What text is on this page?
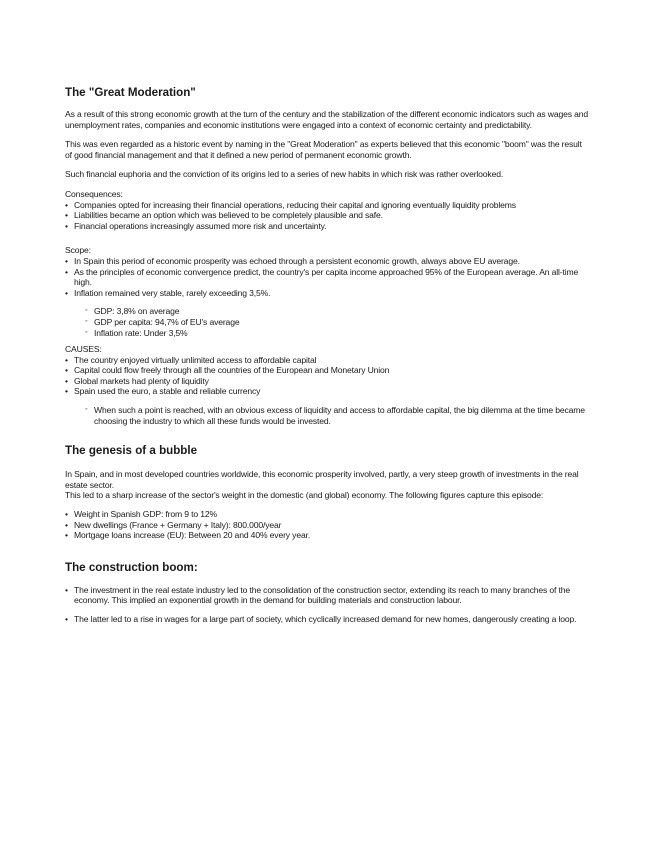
The "Great Moderation"

As a result of this strong economic growth at the turn of the century and the stabilization of the different economic indicators such as wages and unemployment rates, companies and economic institutions were engaged into a context of economic certainty and predictability.

This was even regarded as a historic event by naming in the "Great Moderation" as experts believed that this economic "boom" was the result of good financial management and that it defined a new period of permanent economic growth.

Such financial euphoria and the conviction of its origins led to a series of new habits in which risk was rather overlooked.

Consequences:
• Companies opted for increasing their financial operations, reducing their capital and ignoring eventually liquidity problems
• Liabilities became an option which was believed to be completely plausible and safe.
• Financial operations increasingly assumed more risk and uncertainty.
Scope:
• In Spain this period of economic prosperity was echoed through a persistent economic growth, always above EU average.
• As the principles of economic convergence predict, the country's per capita income approached 95% of the European average. An all-time high.
• Inflation remained very stable, rarely exceeding 3,5%.
◦ GDP: 3,8% on average
◦ GDP per capita: 94,7% of EU's average
◦ Inflation rate: Under 3,5%
CAUSES:
• The country enjoyed virtually unlimited access to affordable capital
• Capital could flow freely through all the countries of the European and Monetary Union
• Global markets had plenty of liquidity
• Spain used the euro, a stable and reliable currency
◦ When such a point is reached, with an obvious excess of liquidity and access to affordable capital, the big dilemma at the time became choosing the industry to which all these funds would be invested.
The genesis of a bubble
In Spain, and in most developed countries worldwide, this economic prosperity involved, partly, a very steep growth of investments in the real estate sector.

This led to a sharp increase of the sector's weight in the domestic (and global) economy. The following figures capture this episode:

• Weight in Spanish GDP: from 9 to 12%
• New dwellings (France + Germany + Italy): 800.000/year
• Mortgage loans increase (EU): Between 20 and 40% every year.
The construction boom:
• The investment in the real estate industry led to the consolidation of the construction sector, extending its reach to many branches of the economy. This implied an exponential growth in the demand for building materials and construction labour.
• The latter led to a rise in wages for a large part of society, which cyclically increased demand for new homes, dangerously creating a loop.
